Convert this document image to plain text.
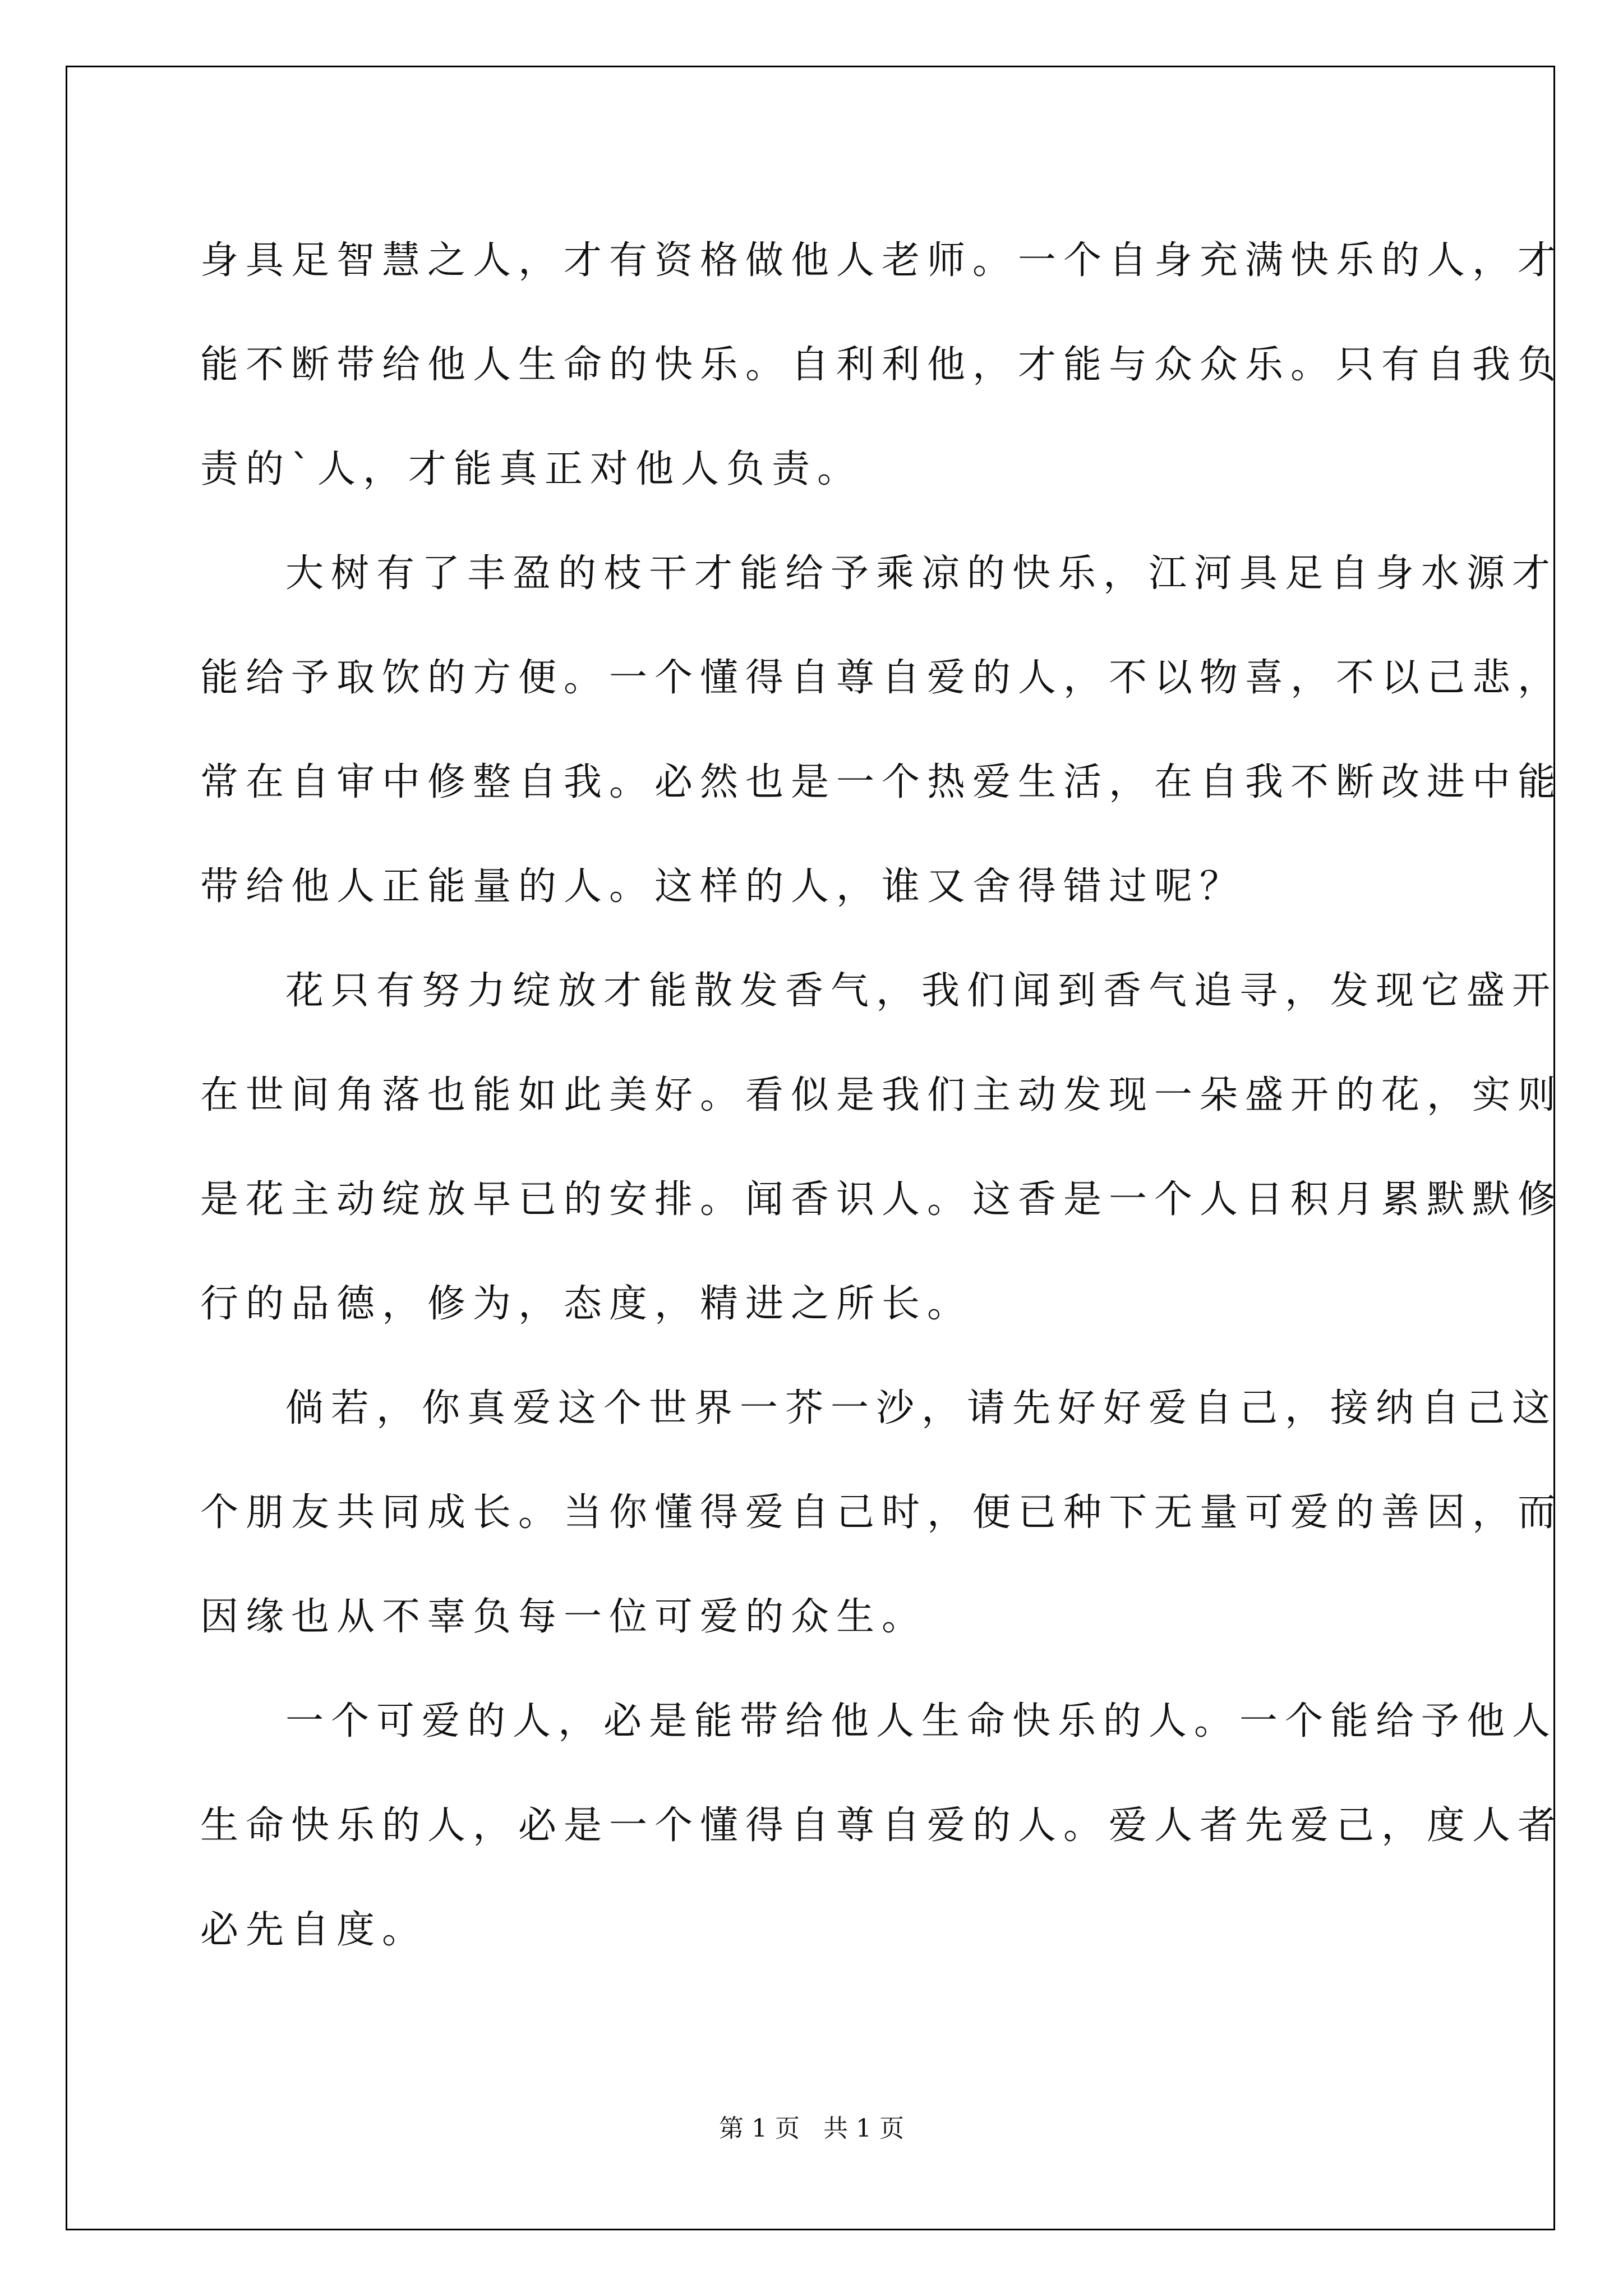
身具足智慧之人，才有资格做他人老师。一个自身充满快乐的人，才
能不断带给他人生命的快乐。自利利他，才能与众众乐。只有自我负
责的`人，才能真正对他人负责。

大树有了丰盈的枝干才能给予乘凉的快乐，江河具足自身水源才
能给予取饮的方便。一个懂得自尊自爱的人，不以物喜，不以己悲，
常在自审中修整自我。必然也是一个热爱生活，在自我不断改进中能
带给他人正能量的人。这样的人，谁又舍得错过呢？

花只有努力绽放才能散发香气，我们闻到香气追寻，发现它盛开
在世间角落也能如此美好。看似是我们主动发现一朵盛开的花，实则
是花主动绽放早已的安排。闻香识人。这香是一个人日积月累默默修
行的品德，修为，态度，精进之所长。

倘若，你真爱这个世界一芥一沙，请先好好爱自己，接纳自己这
个朋友共同成长。当你懂得爱自己时，便已种下无量可爱的善因，而
因缘也从不辜负每一位可爱的众生。

一个可爱的人，必是能带给他人生命快乐的人。一个能给予他人
生命快乐的人，必是一个懂得自尊自爱的人。爱人者先爱己，度人者
必先自度。

第 1 页 共 1 页
